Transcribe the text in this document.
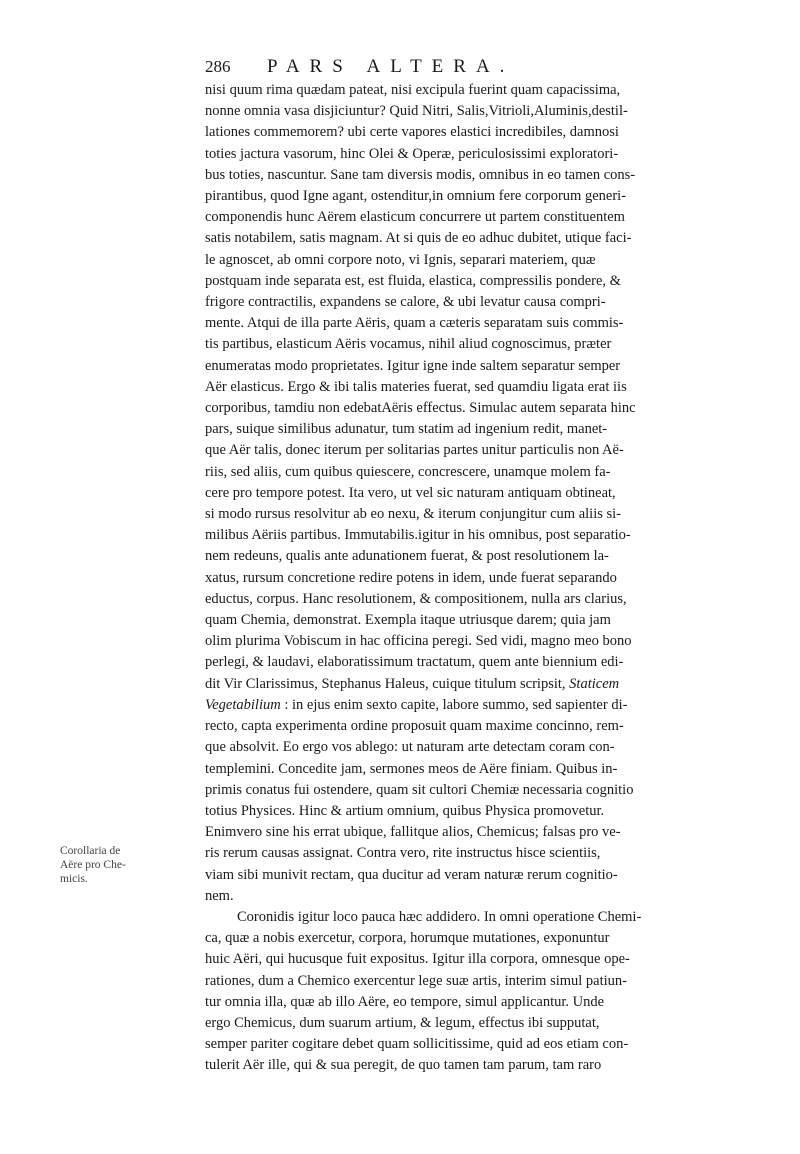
286	PARS ALTERA.
Corollaria de
Aëre pro Che-
micis.
nisi quum rima quædam pateat, nisi excipula fuerint quam capacissima,
nonne omnia vasa disjiciuntur? Quid Nitri, Salis,Vitrioli,Aluminis,destil-
lationes commemorem? ubi certe vapores elastici incredibiles, damnosi
toties jactura vasorum, hinc Olei & Operæ, periculosissimi exploratori-
bus toties, nascuntur. Sane tam diversis modis, omnibus in eo tamen cons-
pirantibus, quod Igne agant, ostenditur,in omnium fere corporum generi-
componendis hunc Aërem elasticum concurrere ut partem constituentem
satis notabilem, satis magnam. At si quis de eo adhuc dubitet, utique faci-
le agnoscet, ab omni corpore noto, vi Ignis, separari materiem, quæ
postquam inde separata est, est fluida, elastica, compressilis pondere, &
frigore contractilis, expandens se calore, & ubi levatur causa compri-
mente. Atqui de illa parte Aëris, quam a cæteris separatam suis commis-
tis partibus, elasticum Aëris vocamus, nihil aliud cognoscimus, præter
enumeratas modo proprietates. Igitur igne inde saltem separatur semper
Aër elasticus. Ergo & ibi talis materies fuerat, sed quamdiu ligata erat iis
corporibus, tamdiu non edebatAëris effectus. Simulac autem separata hinc
pars, suique similibus adunatur, tum statim ad ingenium redit, manet-
que Aër talis, donec iterum per solitarias partes unitur particulis non Aë-
riis, sed aliis, cum quibus quiescere, concrescere, unamque molem fa-
cere pro tempore potest. Ita vero, ut vel sic naturam antiquam obtineat,
si modo rursus resolvitur ab eo nexu, & iterum conjungitur cum aliis si-
milibus Aëriis partibus. Immutabilis.igitur in his omnibus, post separatio-
nem redeuns, qualis ante adunationem fuerat, & post resolutionem la-
xatus, rursum concretione redire potens in idem, unde fuerat separando
eductus, corpus. Hanc resolutionem, & compositionem, nulla ars clarius,
quam Chemia, demonstrat. Exempla itaque utriusque darem; quia jam
olim plurima Vobiscum in hac officina peregi. Sed vidi, magno meo bono
perlegi, & laudavi, elaboratissimum tractatum, quem ante biennium edi-
dit Vir Clarissimus, Stephanus Haleus, cuique titulum scripsit, Staticem
Vegetabilium : in ejus enim sexto capite, labore summo, sed sapienter di-
recto, capta experimenta ordine proposuit quam maxime concinno, rem-
que absolvit. Eo ergo vos ablego: ut naturam arte detectam coram con-
templemini. Concedite jam, sermones meos de Aëre finiam. Quibus in-
primis conatus fui ostendere, quam sit cultori Chemiæ necessaria cognitio
totius Physices. Hinc & artium omnium, quibus Physica promovetur.
Enimvero sine his errat ubique, fallitque alios, Chemicus; falsas pro ve-
ris rerum causas assignat. Contra vero, rite instructus hisce scientiis,
viam sibi munivit rectam, qua ducitur ad veram naturæ rerum cognitio-
nem.
Coronidis igitur loco pauca hæc addidero. In omni operatione Chemi-
ca, quæ a nobis exercetur, corpora, horumque mutationes, exponuntur
huic Aëri, qui hucusque fuit expositus. Igitur illa corpora, omnesque ope-
rationes, dum a Chemico exercentur lege suæ artis, interim simul patiun-
tur omnia illa, quæ ab illo Aëre, eo tempore, simul applicantur. Unde
ergo Chemicus, dum suarum artium, & legum, effectus ibi supputat,
semper pariter cogitare debet quam sollicitissime, quid ad eos etiam con-
tulerit Aër ille, qui & sua peregit, de quo tamen tam parum, tam raro
